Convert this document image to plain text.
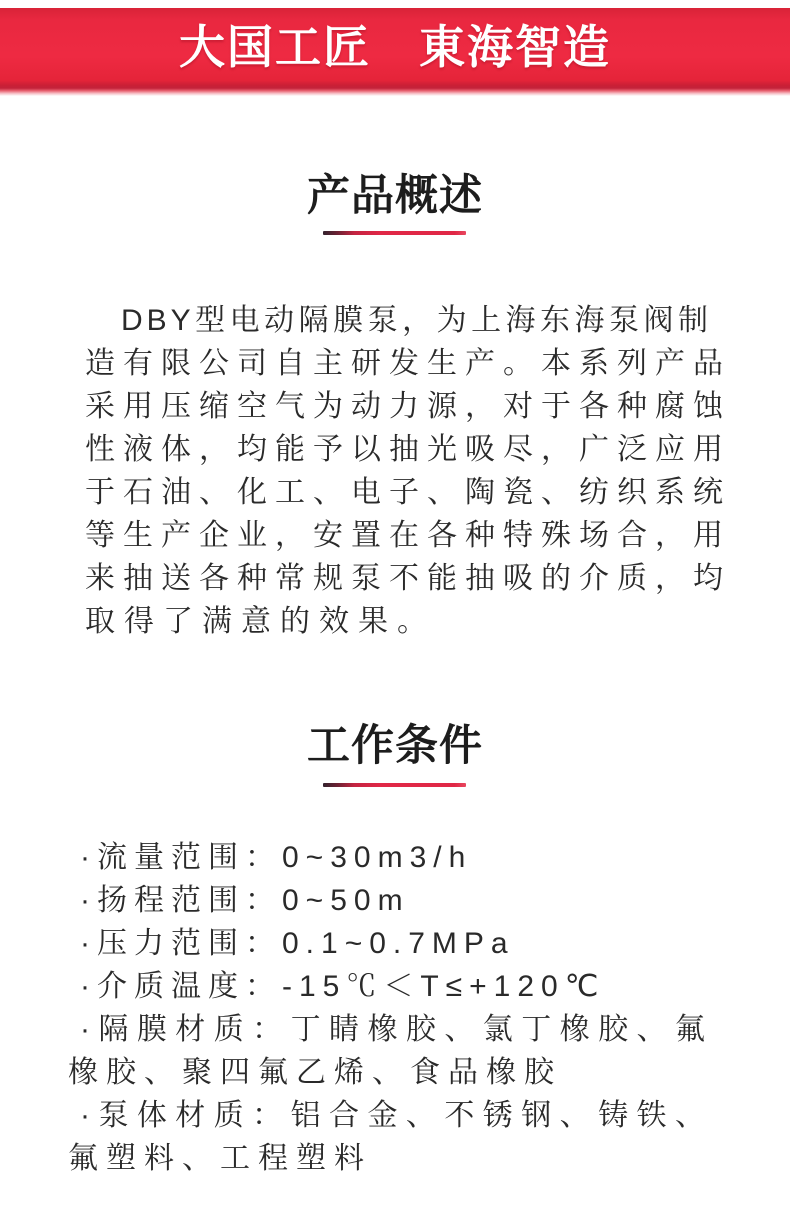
大国工匠　東海智造
产品概述
DBY型电动隔膜泵，为上海东海泵阀制
造有限公司自主研发生产。本系列产品
采用压缩空气为动力源，对于各种腐蚀
性液体，均能予以抽光吸尽，广泛应用
于石油、化工、电子、陶瓷、纺织系统
等生产企业，安置在各种特殊场合，用
来抽送各种常规泵不能抽吸的介质，均
取得了满意的效果。
工作条件
·流量范围：0~30m3/h
·扬程范围：0~50m
·压力范围：0.1~0.7MPa
·介质温度：-15℃＜T≤+120℃
·隔膜材质：丁睛橡胶、氯丁橡胶、氟
橡胶、聚四氟乙烯、食品橡胶
·泵体材质：铝合金、不锈钢、铸铁、
氟塑料、工程塑料
